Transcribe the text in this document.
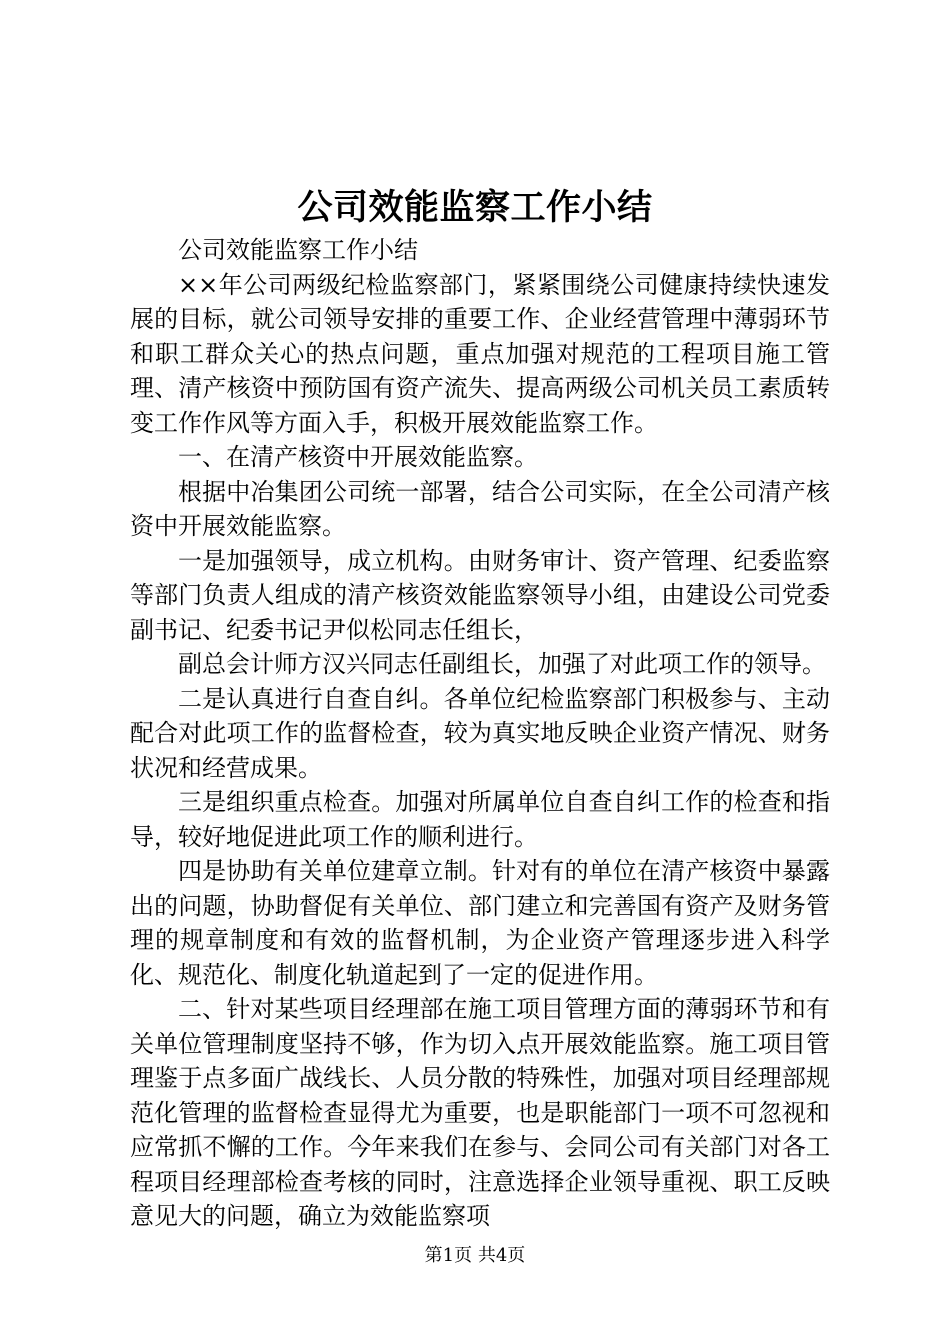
公司效能监察工作小结

公司效能监察工作小结

××年公司两级纪检监察部门，紧紧围绕公司健康持续快速发展的目标，就公司领导安排的重要工作、企业经营管理中薄弱环节和职工群众关心的热点问题，重点加强对规范的工程项目施工管理、清产核资中预防国有资产流失、提高两级公司机关员工素质转变工作作风等方面入手，积极开展效能监察工作。

一、在清产核资中开展效能监察。

根据中冶集团公司统一部署，结合公司实际，在全公司清产核资中开展效能监察。

一是加强领导，成立机构。由财务审计、资产管理、纪委监察等部门负责人组成的清产核资效能监察领导小组，由建设公司党委副书记、纪委书记尹似松同志任组长，

副总会计师方汉兴同志任副组长，加强了对此项工作的领导。

二是认真进行自查自纠。各单位纪检监察部门积极参与、主动配合对此项工作的监督检查，较为真实地反映企业资产情况、财务状况和经营成果。

三是组织重点检查。加强对所属单位自查自纠工作的检查和指导，较好地促进此项工作的顺利进行。

四是协助有关单位建章立制。针对有的单位在清产核资中暴露出的问题，协助督促有关单位、部门建立和完善国有资产及财务管理的规章制度和有效的监督机制，为企业资产管理逐步进入科学化、规范化、制度化轨道起到了一定的促进作用。

二、针对某些项目经理部在施工项目管理方面的薄弱环节和有关单位管理制度坚持不够，作为切入点开展效能监察。施工项目管理鉴于点多面广战线长、人员分散的特殊性，加强对项目经理部规范化管理的监督检查显得尤为重要，也是职能部门一项不可忽视和应常抓不懈的工作。今年来我们在参与、会同公司有关部门对各工程项目经理部检查考核的同时，注意选择企业领导重视、职工反映意见大的问题，确立为效能监察项

第1页 共4页
